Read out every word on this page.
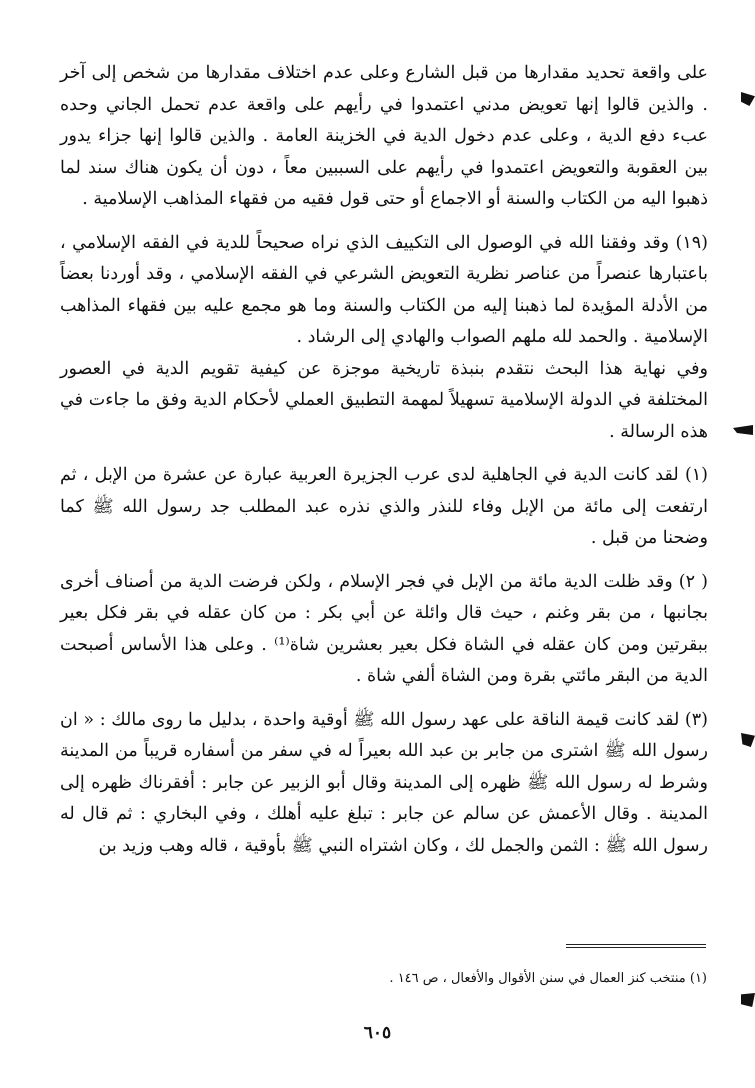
على واقعة تحديد مقدارها من قبل الشارع وعلى عدم اختلاف مقدارها من شخص إلى آخر . والذين قالوا إنها تعويض مدني اعتمدوا في رأيهم على واقعة عدم تحمل الجاني وحده عبء دفع الدية ، وعلى عدم دخول الدية في الخزينة العامة . والذين قالوا إنها جزاء يدور بين العقوبة والتعويض اعتمدوا في رأيهم على السببين معاً ، دون أن يكون هناك سند لما ذهبوا اليه من الكتاب والسنة أو الاجماع أو حتى قول فقيه من فقهاء المذاهب الإسلامية .

(١٩) وقد وفقنا الله في الوصول الى التكييف الذي نراه صحيحاً للدية في الفقه الإسلامي ، باعتبارها عنصراً من عناصر نظرية التعويض الشرعي في الفقه الإسلامي ، وقد أوردنا بعضاً من الأدلة المؤيدة لما ذهبنا إليه من الكتاب والسنة وما هو مجمع عليه بين فقهاء المذاهب الإسلامية . والحمد لله ملهم الصواب والهادي إلى الرشاد .

وفي نهاية هذا البحث نتقدم بنبذة تاريخية موجزة عن كيفية تقويم الدية في العصور المختلفة في الدولة الإسلامية تسهيلاً لمهمة التطبيق العملي لأحكام الدية وفق ما جاءت في هذه الرسالة .

(١) لقد كانت الدية في الجاهلية لدى عرب الجزيرة العربية عبارة عن عشرة من الإبل ، ثم ارتفعت إلى مائة من الإبل وفاء للنذر والذي نذره عبد المطلب جد رسول الله ﷺ كما وضحنا من قبل .

( ٢) وقد ظلت الدية مائة من الإبل في فجر الإسلام ، ولكن فرضت الدية من أصناف أخرى بجانبها ، من بقر وغنم ، حيث قال وائلة عن أبي بكر : من كان عقله في بقر فكل بعير ببقرتين ومن كان عقله في الشاة فكل بعير بعشرين شاة⁽¹⁾ . وعلى هذا الأساس أصبحت الدية من البقر مائتي بقرة ومن الشاة ألفي شاة .

(٣) لقد كانت قيمة الناقة على عهد رسول الله ﷺ أوقية واحدة ، بدليل ما روى مالك : « ان رسول الله ﷺ اشترى من جابر بن عبد الله بعيراً له في سفر من أسفاره قريباً من المدينة وشرط له رسول الله ﷺ ظهره إلى المدينة وقال أبو الزبير عن جابر : أفقرناك ظهره إلى المدينة . وقال الأعمش عن سالم عن جابر : تبلغ عليه أهلك ، وفي البخاري : ثم قال له رسول الله ﷺ : الثمن والجمل لك ، وكان اشتراه النبي ﷺ بأوقية ، قاله وهب وزيد بن

(١) منتخب كنز العمال في سنن الأقوال والأفعال ، ص ١٤٦ .
٦٠٥
